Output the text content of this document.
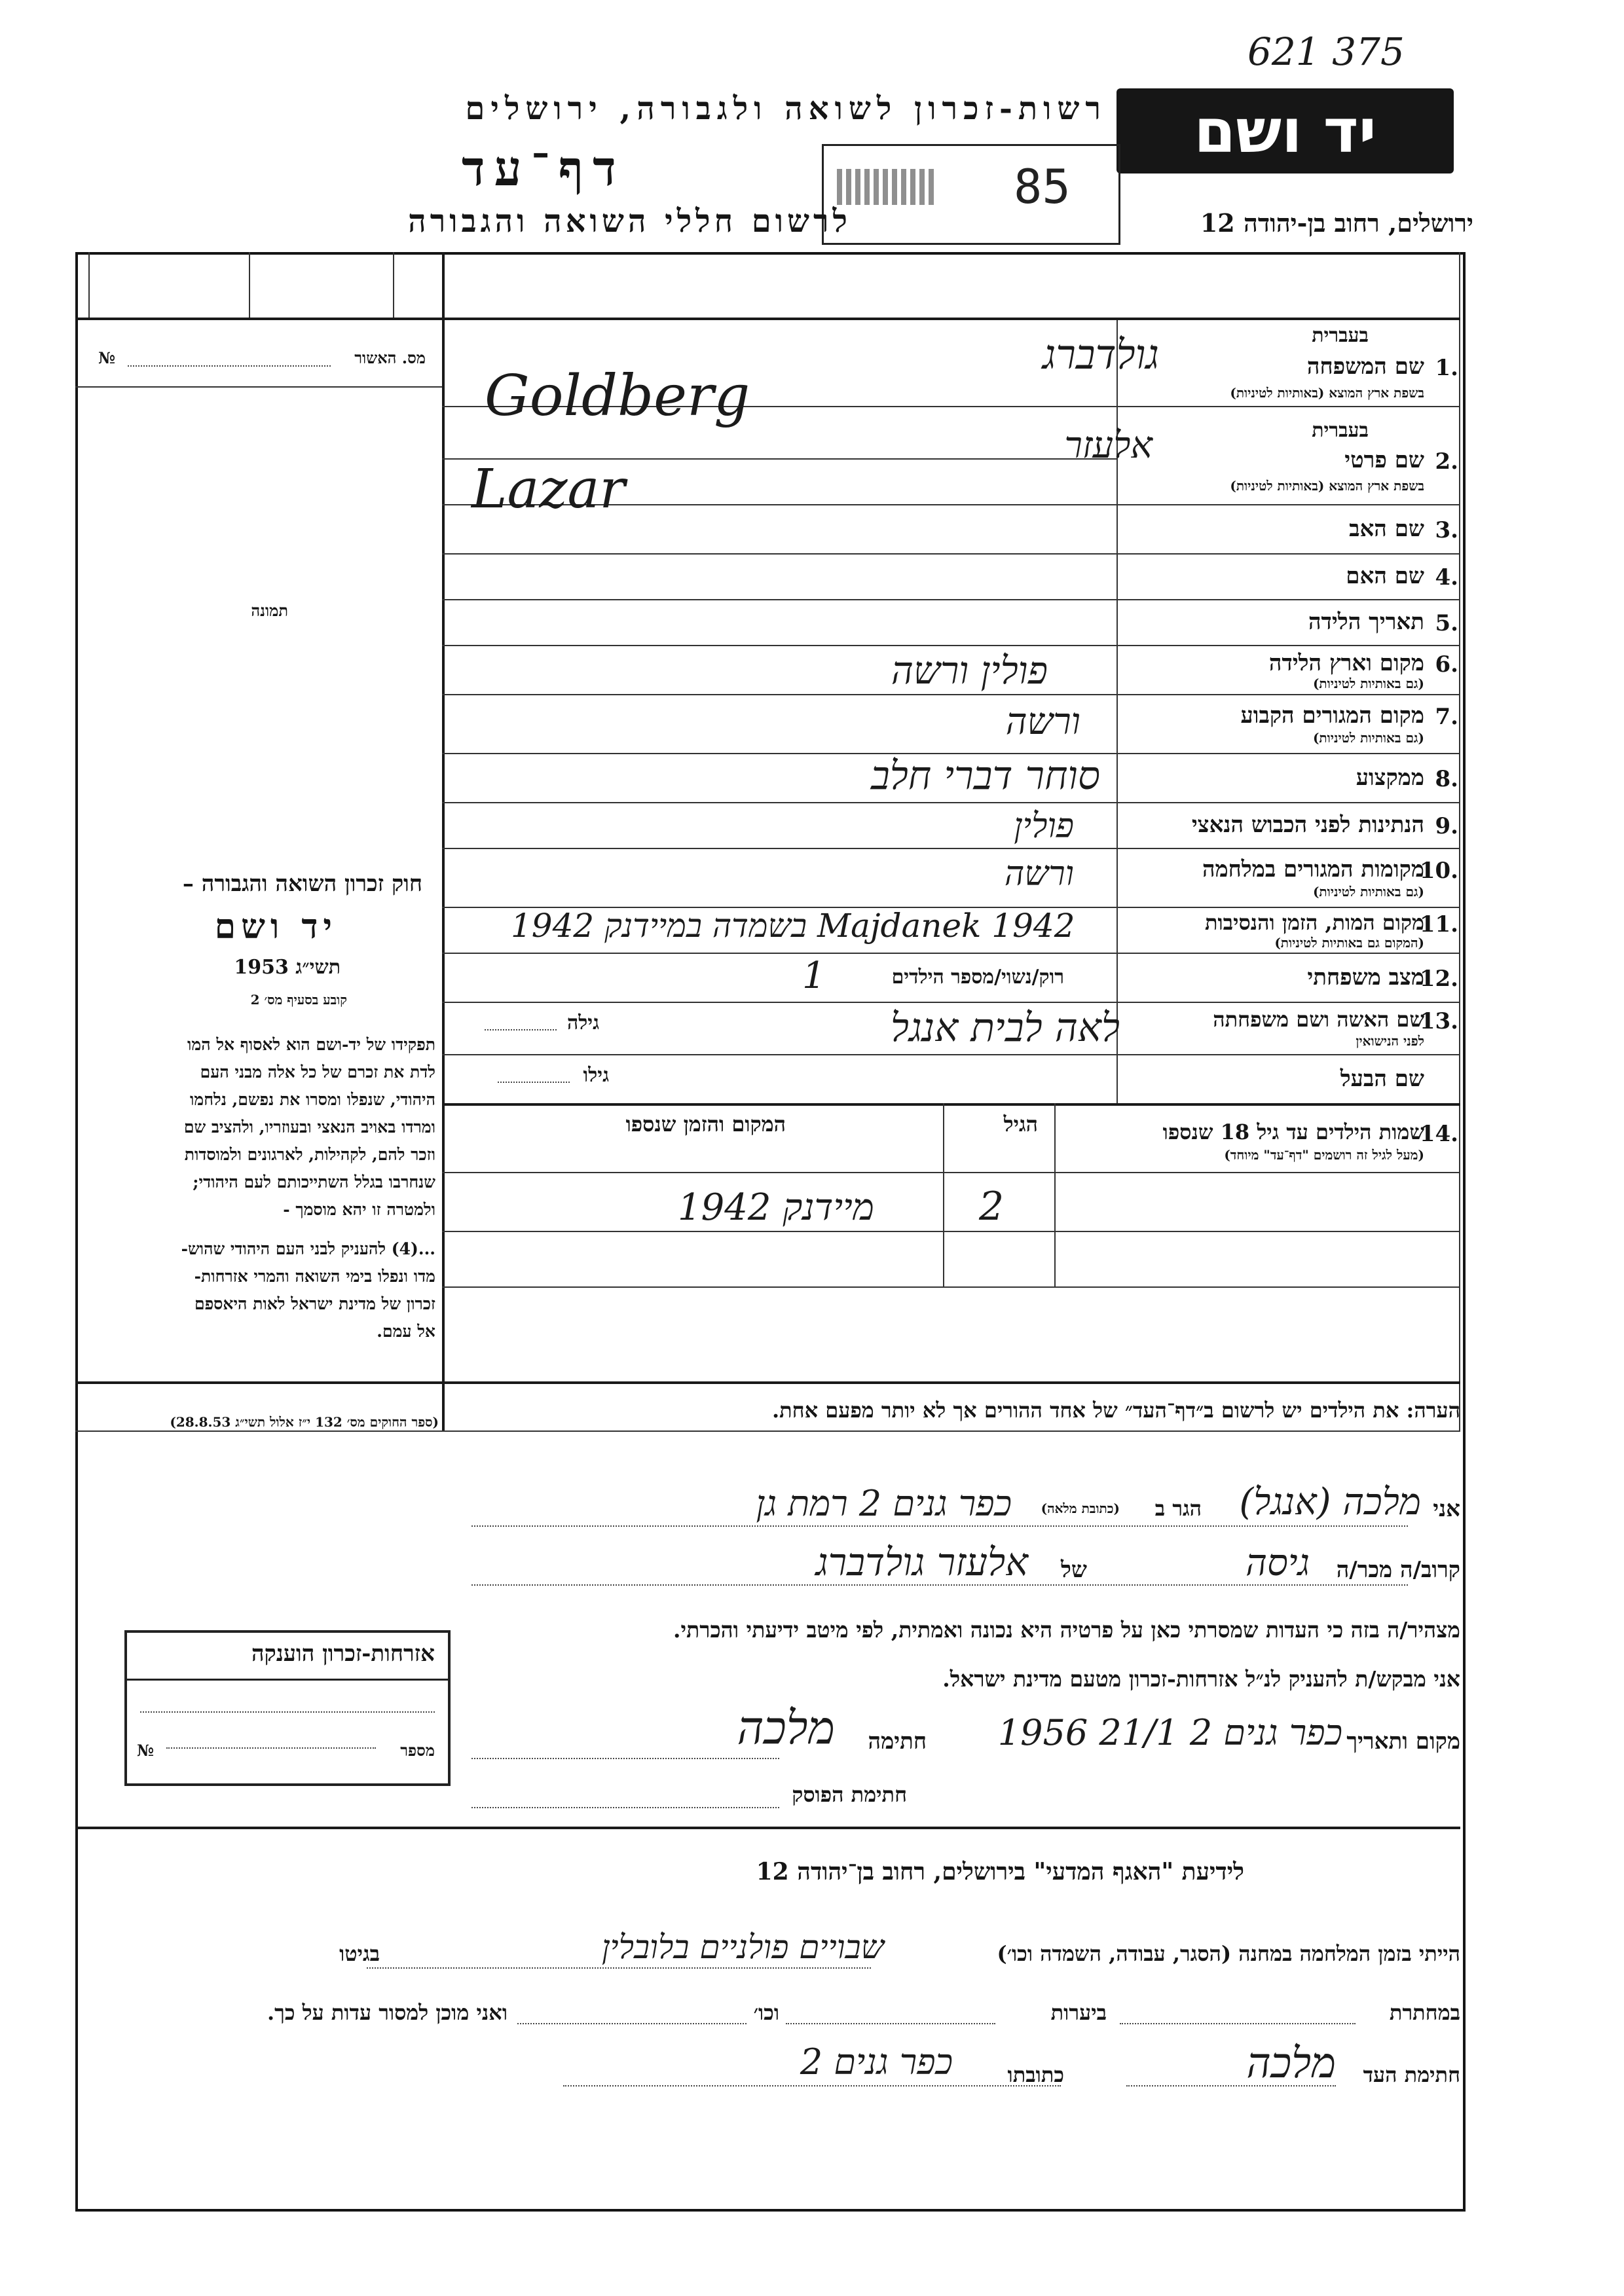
621 375
יד ושם
רשות-זכרון לשואה ולגבורה, ירושלים
דף־עד	85
ירושלים, רחוב בן-יהודה 12
לרשום חללי השואה והגבורה
מס. האשור
№
תמונה
חוק זכרון השואה והגבורה –
יד ושם
תשי״ג 1953
קובע בסעיף מס׳ 2
תפקידו של יד-ושם הוא לאסוף אל המו
לדת את זכרם של כל אלה מבני העם
היהודי, שנפלו ומסרו את נפשם, נלחמו
ומרדו באויב הנאצי ובעוזריו, ולהציב שם
וזכר להם, לקהילות, לארגונים ולמוסדות
שנחרבו בגלל השתייכותם לעם היהודי;
ולמטרה זו יהא מוסמך -
...(4) להעניק לבני העם היהודי שהוש-
מדו ונפלו בימי השואה והמרי אזרחות-
זכרון של מדינת ישראל לאות היאספם
אל עמם.
(ספר החוקים מס׳ 132 י״ז אלול תשי״ג 28.8.53)
1.
בעברית
שם המשפחה
בשפת ארץ המוצא (באותיות לטיניות)
2.
בעברית
שם פרטי
בשפת ארץ המוצא (באותיות לטיניות)
3.
שם האב
4.
שם האם
5.
תאריך הלידה
6.
מקום וארץ הלידה
(גם באותיות לטיניות)
7.
מקום המגורים הקבוע
(גם באותיות לטיניות)
8.
ממקצוע
9.
הנתינות לפני הכבוש הנאצי
10.
מקומות המגורים במלחמה
(גם באותיות לטיניות)
11.
מקום המות, הזמן והנסיבות
(המקום גם באותיות לטיניות)
12.
מצב משפחתי
13.
שם האשה ושם משפחתה
לפני הנישואין
שם הבעל
גולדברג
Goldberg
אלעזר
Lazar
פולין ורשה
ורשה
סוחר דברי חלב
פולין
ורשה
בשמדה במיידנק 1942 Majdanek 1942
רוק/נשוי/מספר הילדים
1
לאה לבית אנגל
גילה
גילו
14.
שמות הילדים עד גיל 18 שנספו
(מעל לגיל זה רושמים "דף־עד" מיוחד)
הגיל
המקום והזמן שנספו
2
מיידנק 1942
הערה: את הילדים יש לרשום ב״דף־העד״ של אחד ההורים אך לא יותר מפעם אחת.
אני
מלכה (אנגל)
הגר ב
(כתובת מלאה)
כפר גנים 2 רמת גן
קרוב/ה מכר/ה
גיסה
של
אלעזר גולדברג
מצהיר/ה בזה כי העדות שמסרתי כאן על פרטיה היא נכונה ואמתית, לפי מיטב ידיעתי והכרתי.
אני מבקש/ת להעניק לנ״ל אזרחות-זכרון מטעם מדינת ישראל.
מקום ותאריך
כפר גנים 2 21/1 1956
חתימה
מלכה
חתימת הפוסק
אזרחות-זכרון הוענקה
מספר
№
לידיעת "האגף המדעי" בירושלים, רחוב בן־יהודה 12
הייתי בזמן המלחמה במחנה (הסגר, עבודה, השמדה וכו׳)
שבויים פולניים בלובלין
בגיטו
במחתרת
ביערות
וכו׳
ואני מוכן למסור עדות על כך.
חתימת העד
מלכה
כתובתו
כפר גנים 2
